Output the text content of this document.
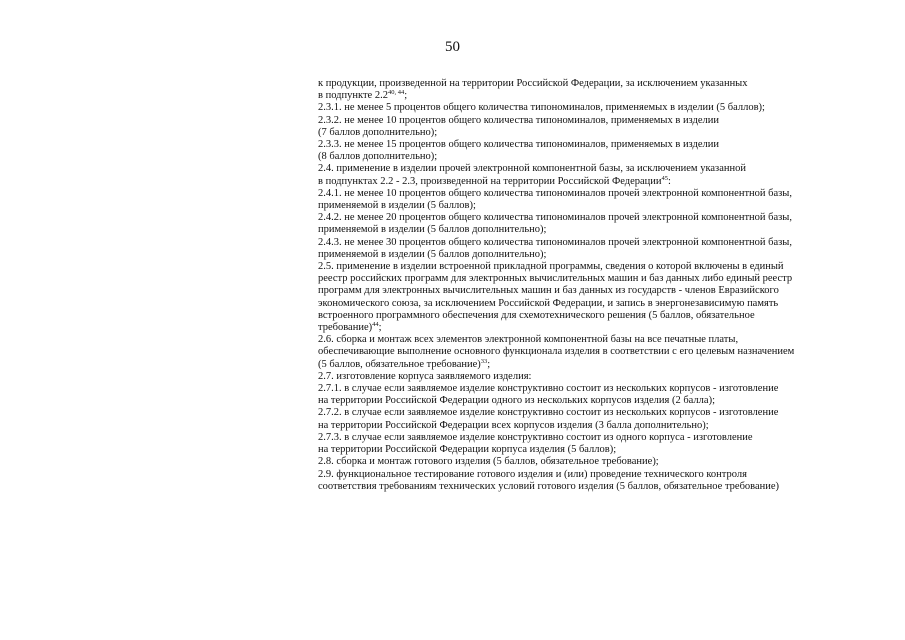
50

к продукции, произведенной на территории Российской Федерации, за исключением указанных

в подпункте 2.2$^{40, 44}$;

2.3.1. не менее 5 процентов общего количества типономиналов, применяемых в изделии (5 баллов);

2.3.2. не менее 10 процентов общего количества типономиналов, применяемых в изделии

(7 баллов дополнительно);

2.3.3. не менее 15 процентов общего количества типономиналов, применяемых в изделии

(8 баллов дополнительно);

2.4. применение в изделии прочей электронной компонентной базы, за исключением указанной

в подпунктах 2.2 - 2.3, произведенной на территории Российской Федерации$^{45}$:

2.4.1. не менее 10 процентов общего количества типономиналов прочей электронной компонентной базы,

применяемой в изделии (5 баллов);

2.4.2. не менее 20 процентов общего количества типономиналов прочей электронной компонентной базы,

применяемой в изделии (5 баллов дополнительно);

2.4.3. не менее 30 процентов общего количества типономиналов прочей электронной компонентной базы,

применяемой в изделии (5 баллов дополнительно);

2.5. применение в изделии встроенной прикладной программы, сведения о которой включены в единый

реестр российских программ для электронных вычислительных машин и баз данных либо единый реестр

программ для электронных вычислительных машин и баз данных из государств - членов Евразийского

экономического союза, за исключением Российской Федерации, и запись в энергонезависимую память

встроенного программного обеспечения для схемотехнического решения (5 баллов, обязательное

требование)$^{44}$;

2.6. сборка и монтаж всех элементов электронной компонентной базы на все печатные платы,

обеспечивающие выполнение основного функционала изделия в соответствии с его целевым назначением

(5 баллов, обязательное требование)$^{33}$;

2.7. изготовление корпуса заявляемого изделия:

2.7.1. в случае если заявляемое изделие конструктивно состоит из нескольких корпусов - изготовление

на территории Российской Федерации одного из нескольких корпусов изделия (2 балла);

2.7.2. в случае если заявляемое изделие конструктивно состоит из нескольких корпусов - изготовление

на территории Российской Федерации всех корпусов изделия (3 балла дополнительно);

2.7.3. в случае если заявляемое изделие конструктивно состоит из одного корпуса - изготовление

на территории Российской Федерации корпуса изделия (5 баллов);

2.8. сборка и монтаж готового изделия (5 баллов, обязательное требование);

2.9. функциональное тестирование готового изделия и (или) проведение технического контроля

соответствия требованиям технических условий готового изделия (5 баллов, обязательное требование)
